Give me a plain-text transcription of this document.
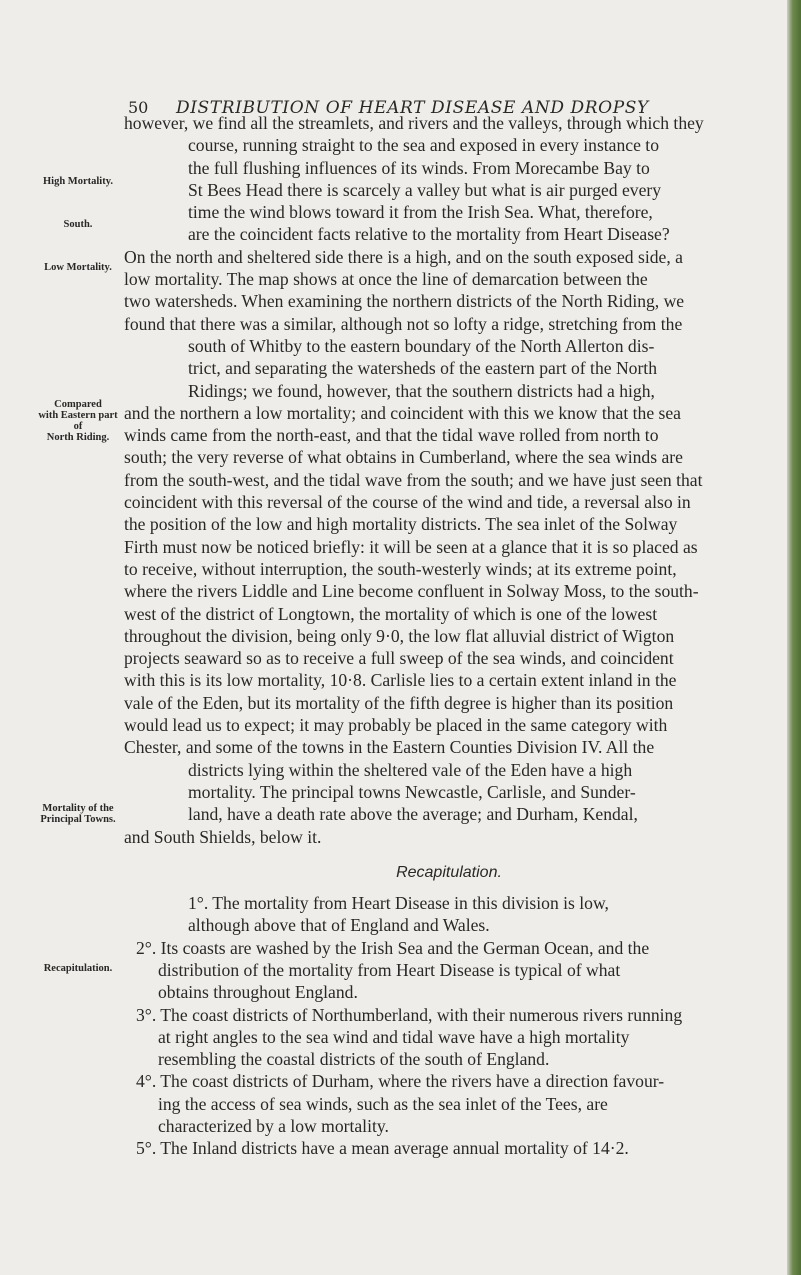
50 DISTRIBUTION OF HEART DISEASE AND DROPSY
High Mortality.
South.
Low Mortality.
Compared
with Eastern part of
North Riding.
Mortality of the
Principal Towns.
Recapitulation.
however, we find all the streamlets, and rivers and the valleys, through which they
course, running straight to the sea and exposed in every instance to
the full flushing influences of its winds. From Morecambe Bay to
St Bees Head there is scarcely a valley but what is air purged every
time the wind blows toward it from the Irish Sea. What, therefore,
are the coincident facts relative to the mortality from Heart Disease?
On the north and sheltered side there is a high, and on the south exposed side, a
low mortality. The map shows at once the line of demarcation between the
two watersheds. When examining the northern districts of the North Riding, we
found that there was a similar, although not so lofty a ridge, stretching from the
south of Whitby to the eastern boundary of the North Allerton dis-
trict, and separating the watersheds of the eastern part of the North
Ridings; we found, however, that the southern districts had a high,
and the northern a low mortality; and coincident with this we know that the sea
winds came from the north-east, and that the tidal wave rolled from north to
south; the very reverse of what obtains in Cumberland, where the sea winds are
from the south-west, and the tidal wave from the south; and we have just seen that
coincident with this reversal of the course of the wind and tide, a reversal also in
the position of the low and high mortality districts. The sea inlet of the Solway
Firth must now be noticed briefly: it will be seen at a glance that it is so placed as
to receive, without interruption, the south-westerly winds; at its extreme point,
where the rivers Liddle and Line become confluent in Solway Moss, to the south-
west of the district of Longtown, the mortality of which is one of the lowest
throughout the division, being only 9·0, the low flat alluvial district of Wigton
projects seaward so as to receive a full sweep of the sea winds, and coincident
with this is its low mortality, 10·8. Carlisle lies to a certain extent inland in the
vale of the Eden, but its mortality of the fifth degree is higher than its position
would lead us to expect; it may probably be placed in the same category with
Chester, and some of the towns in the Eastern Counties Division IV. All the
districts lying within the sheltered vale of the Eden have a high
mortality. The principal towns Newcastle, Carlisle, and Sunder-
land, have a death rate above the average; and Durham, Kendal,
and South Shields, below it.

Recapitulation.

1°. The mortality from Heart Disease in this division is low,
although above that of England and Wales.
2°. Its coasts are washed by the Irish Sea and the German Ocean, and the
distribution of the mortality from Heart Disease is typical of what
obtains throughout England.
3°. The coast districts of Northumberland, with their numerous rivers running
at right angles to the sea wind and tidal wave have a high mortality
resembling the coastal districts of the south of England.
4°. The coast districts of Durham, where the rivers have a direction favour-
ing the access of sea winds, such as the sea inlet of the Tees, are
characterized by a low mortality.
5°. The Inland districts have a mean average annual mortality of 14·2.
